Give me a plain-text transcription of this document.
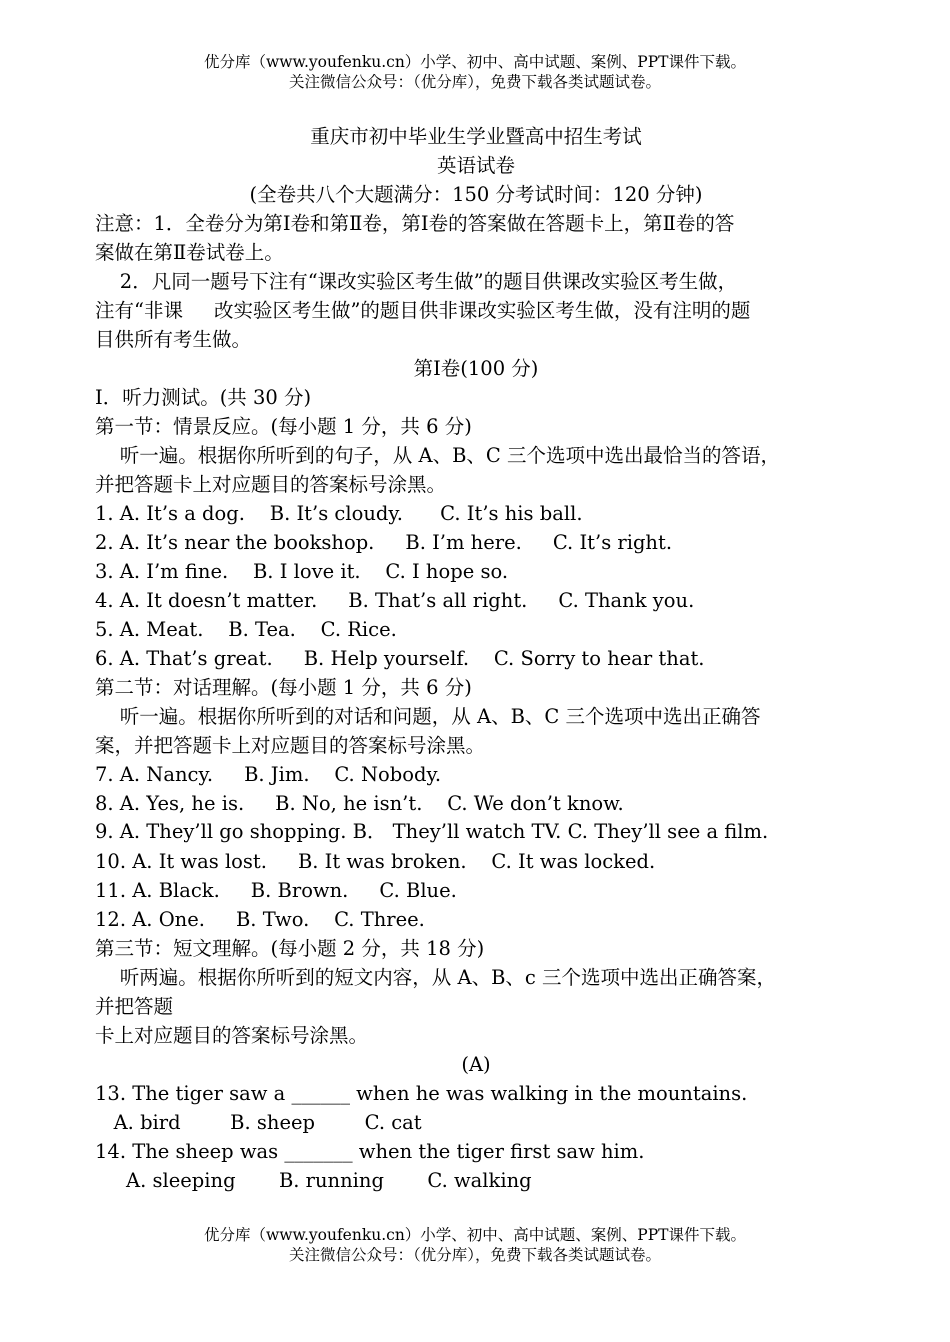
优分库（www.youfenku.cn）小学、初中、高中试题、案例、PPT课件下载。
关注微信公众号：（优分库），免费下载各类试题试卷。
重庆市初中毕业生学业暨高中招生考试
英语试卷
(全卷共八个大题满分：150 分考试时间：120 分钟)
注意：1．全卷分为第Ⅰ卷和第Ⅱ卷，第Ⅰ卷的答案做在答题卡上，第Ⅱ卷的答
案做在第Ⅱ卷试卷上。
2．凡同一题号下注有“课改实验区考生做”的题目供课改实验区考生做，
注有“非课     改实验区考生做”的题目供非课改实验区考生做，没有注明的题
目供所有考生做。
第Ⅰ卷(100 分)
I．听力测试。(共 30 分)
第一节：情景反应。(每小题 1 分，共 6 分)
听一遍。根据你所听到的句子，从 A、B、C 三个选项中选出最恰当的答语，
并把答题卡上对应题目的答案标号涂黑。
1. A. It’s a dog.    B. It’s cloudy.      C. It’s his ball.
2. A. It’s near the bookshop.     B. I’m here.     C. It’s right.
3. A. I’m fine.    B. I love it.    C. I hope so.
4. A. It doesn’t matter.     B. That’s all right.     C. Thank you.
5. A. Meat.    B. Tea.    C. Rice.
6. A. That’s great.     B. Help yourself.    C. Sorry to hear that.
第二节：对话理解。(每小题 1 分，共 6 分)
听一遍。根据你所听到的对话和问题，从 A、B、C 三个选项中选出正确答
案，并把答题卡上对应题目的答案标号涂黑。
7. A. Nancy.     B. Jim.    C. Nobody.
8. A. Yes, he is.     B. No, he isn’t.    C. We don’t know.
9. A. They’ll go shopping. B． They’ll watch TV. C. They’ll see a film.
10. A. It was lost.     B. It was broken.    C. It was locked.
11. A. Black.     B. Brown.     C. Blue.
12. A. One.     B. Two.    C. Three.
第三节：短文理解。(每小题 2 分，共 18 分)
听两遍。根据你所听到的短文内容，从 A、B、c 三个选项中选出正确答案，
并把答题
卡上对应题目的答案标号涂黑。
(A)
13. The tiger saw a ______ when he was walking in the mountains.
A. bird        B. sheep        C. cat
14. The sheep was _______ when the tiger first saw him.
A. sleeping       B. running       C. walking
优分库（www.youfenku.cn）小学、初中、高中试题、案例、PPT课件下载。
关注微信公众号：（优分库），免费下载各类试题试卷。
